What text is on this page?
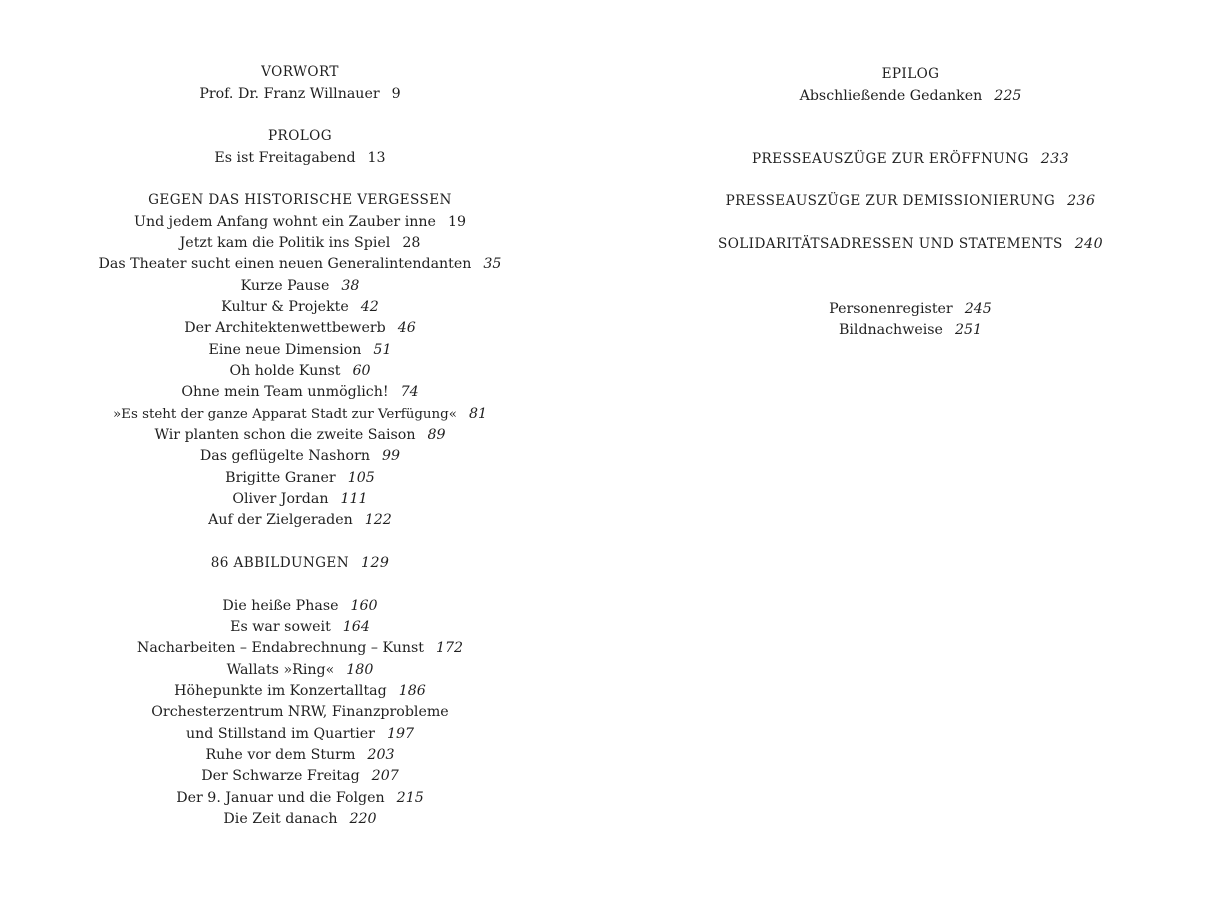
VORWORT
Prof. Dr. Franz Willnauer 9
PROLOG
Es ist Freitagabend 13
GEGEN DAS HISTORISCHE VERGESSEN
Und jedem Anfang wohnt ein Zauber inne 19
Jetzt kam die Politik ins Spiel 28
Das Theater sucht einen neuen Generalintendanten 35
Kurze Pause 38
Kultur & Projekte 42
Der Architektenwettbewerb 46
Eine neue Dimension 51
Oh holde Kunst 60
Ohne mein Team unmöglich! 74
»Es steht der ganze Apparat Stadt zur Verfügung« 81
Wir planten schon die zweite Saison 89
Das geflügelte Nashorn 99
Brigitte Graner 105
Oliver Jordan 111
Auf der Zielgeraden 122
86 ABBILDUNGEN 129
Die heiße Phase 160
Es war soweit 164
Nacharbeiten – Endabrechnung – Kunst 172
Wallats »Ring« 180
Höhepunkte im Konzertalltag 186
Orchesterzentrum NRW, Finanzprobleme
und Stillstand im Quartier 197
Ruhe vor dem Sturm 203
Der Schwarze Freitag 207
Der 9. Januar und die Folgen 215
Die Zeit danach 220
EPILOG
Abschließende Gedanken 225
PRESSEAUSZÜGE ZUR ERÖFFNUNG 233
PRESSEAUSZÜGE ZUR DEMISSIONIERUNG 236
SOLIDARITÄTSADRESSEN UND STATEMENTS 240
Personenregister 245
Bildnachweise 251
